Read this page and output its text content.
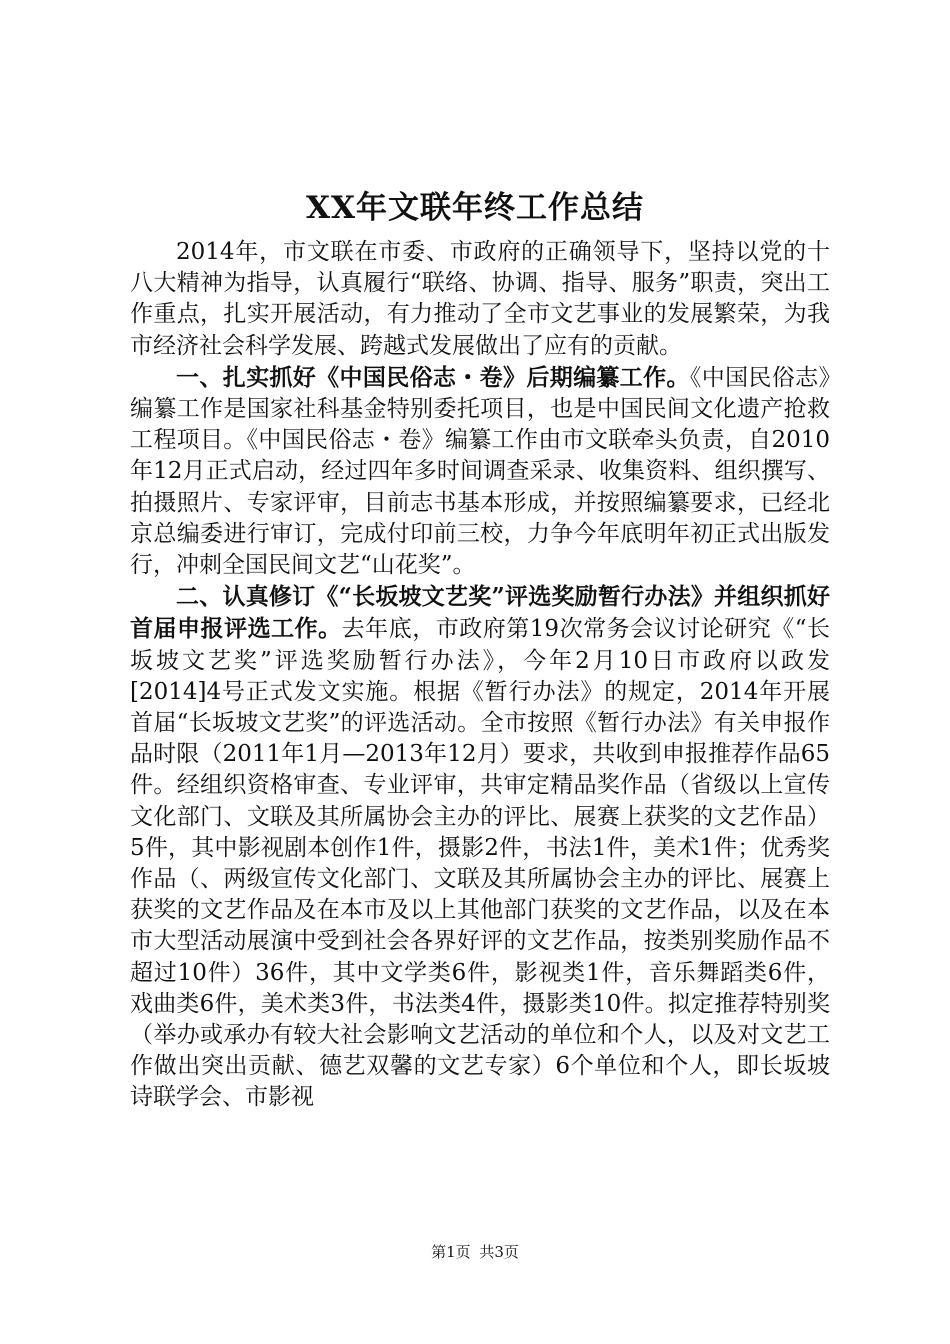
XX年文联年终工作总结

2014年，市文联在市委、市政府的正确领导下，坚持以党的十八大精神为指导，认真履行“联络、协调、指导、服务”职责，突出工作重点，扎实开展活动，有力推动了全市文艺事业的发展繁荣，为我市经济社会科学发展、跨越式发展做出了应有的贡献。

一、扎实抓好《中国民俗志・卷》后期编纂工作。《中国民俗志》编纂工作是国家社科基金特别委托项目，也是中国民间文化遗产抢救工程项目。《中国民俗志・卷》编纂工作由市文联牵头负责，自2010年12月正式启动，经过四年多时间调查采录、收集资料、组织撰写、拍摄照片、专家评审，目前志书基本形成，并按照编纂要求，已经北京总编委进行审订，完成付印前三校，力争今年底明年初正式出版发行，冲刺全国民间文艺“山花奖”。

二、认真修订《“长坂坡文艺奖”评选奖励暂行办法》并组织抓好首届申报评选工作。去年底，市政府第19次常务会议讨论研究《“长坂坡文艺奖”评选奖励暂行办法》，今年2月10日市政府以政发[2014]4号正式发文实施。根据《暂行办法》的规定，2014年开展首届“长坂坡文艺奖”的评选活动。全市按照《暂行办法》有关申报作品时限（2011年1月—2013年12月）要求，共收到申报推荐作品65件。经组织资格审查、专业评审，共审定精品奖作品（省级以上宣传文化部门、文联及其所属协会主办的评比、展赛上获奖的文艺作品）5件，其中影视剧本创作1件，摄影2件，书法1件，美术1件；优秀奖作品（、两级宣传文化部门、文联及其所属协会主办的评比、展赛上获奖的文艺作品及在本市及以上其他部门获奖的文艺作品，以及在本市大型活动展演中受到社会各界好评的文艺作品，按类别奖励作品不超过10件）36件，其中文学类6件，影视类1件，音乐舞蹈类6件，戏曲类6件，美术类3件，书法类4件，摄影类10件。拟定推荐特别奖（举办或承办有较大社会影响文艺活动的单位和个人，以及对文艺工作做出突出贡献、德艺双馨的文艺专家）6个单位和个人，即长坂坡诗联学会、市影视

第1页 共3页
